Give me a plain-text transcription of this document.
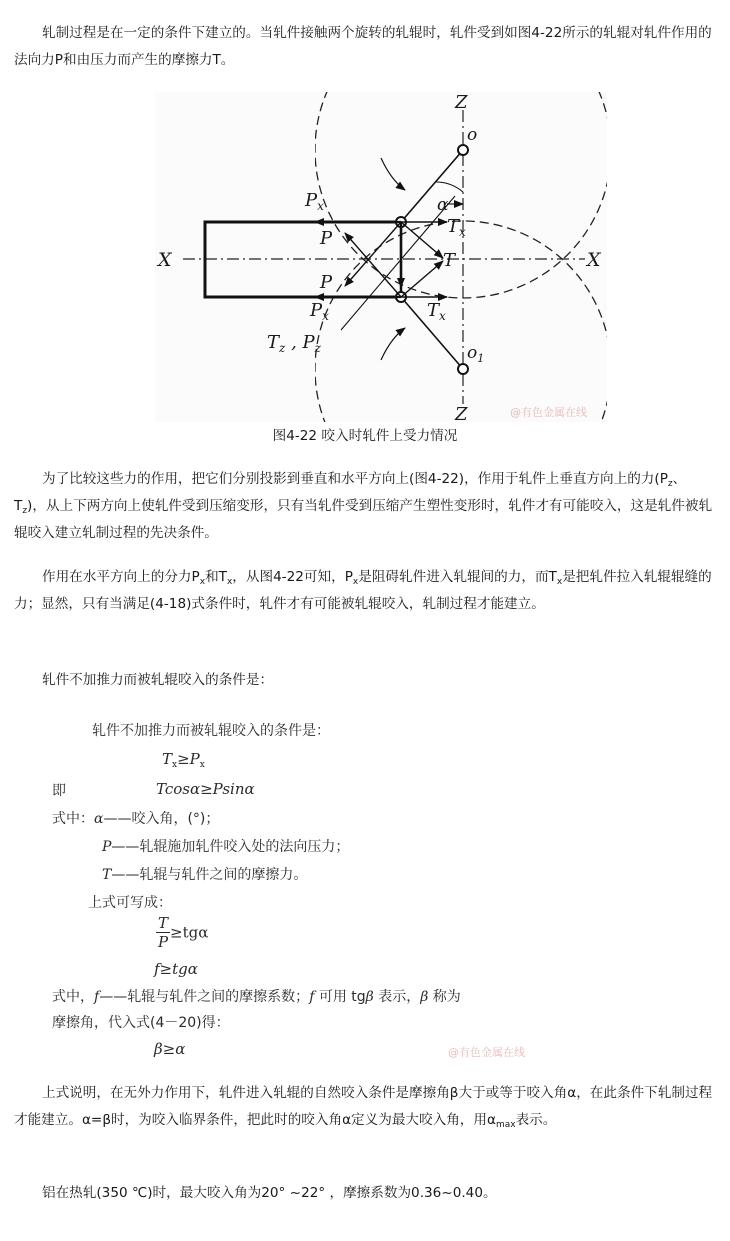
轧制过程是在一定的条件下建立的。当轧件接触两个旋转的轧辊时，轧件受到如图4-22所示的轧辊对轧件作用的法向力P和由压力而产生的摩擦力T。

Z
Z
o
$o_1$
X	X
α
$P_x$
P
P
$P_x$
$T_x$
T
$T_x$
$T_z$ , $P_z$
@有色金属在线
图4-22 咬入时轧件上受力情况

为了比较这些力的作用，把它们分别投影到垂直和水平方向上(图4-22)，作用于轧件上垂直方向上的力($P_z$、 $T_z$)，从上下两方向上使轧件受到压缩变形，只有当轧件受到压缩产生塑性变形时，轧件才有可能咬入，这是轧件被轧辊咬入建立轧制过程的先决条件。

作用在水平方向上的分力$P_x$和$T_x$，从图4-22可知，$P_x$是阻碍轧件进入轧辊间的力，而$T_x$是把轧件拉入轧辊辊缝的力；显然，只有当满足(4-18)式条件时，轧件才有可能被轧辊咬入，轧制过程才能建立。

轧件不加推力而被轧辊咬入的条件是：

轧件不加推力而被轧辊咬入的条件是：
$T_x\ge P_x$
即	Tcosα≥Psinα
式中：α——咬入角，(°)；
P——轧辊施加轧件咬入处的法向压力；
T——轧辊与轧件之间的摩擦力。
上式可写成：
$\frac{T}{P} \ge tg\alpha$
f≥tgα
式中，f——轧辊与轧件之间的摩擦系数；f 可用 tgβ 表示，β 称为
摩擦角，代入式(4－20)得：
β≥α	@有色金属在线

上式说明，在无外力作用下，轧件进入轧辊的自然咬入条件是摩擦角β大于或等于咬入角α，在此条件下轧制过程才能建立。α=β时，为咬入临界条件，把此时的咬入角α定义为最大咬入角，用$\alpha_{max}$表示。

铝在热轧(350 ℃)时，最大咬入角为20° ~22° ，摩擦系数为0.36~0.40。
